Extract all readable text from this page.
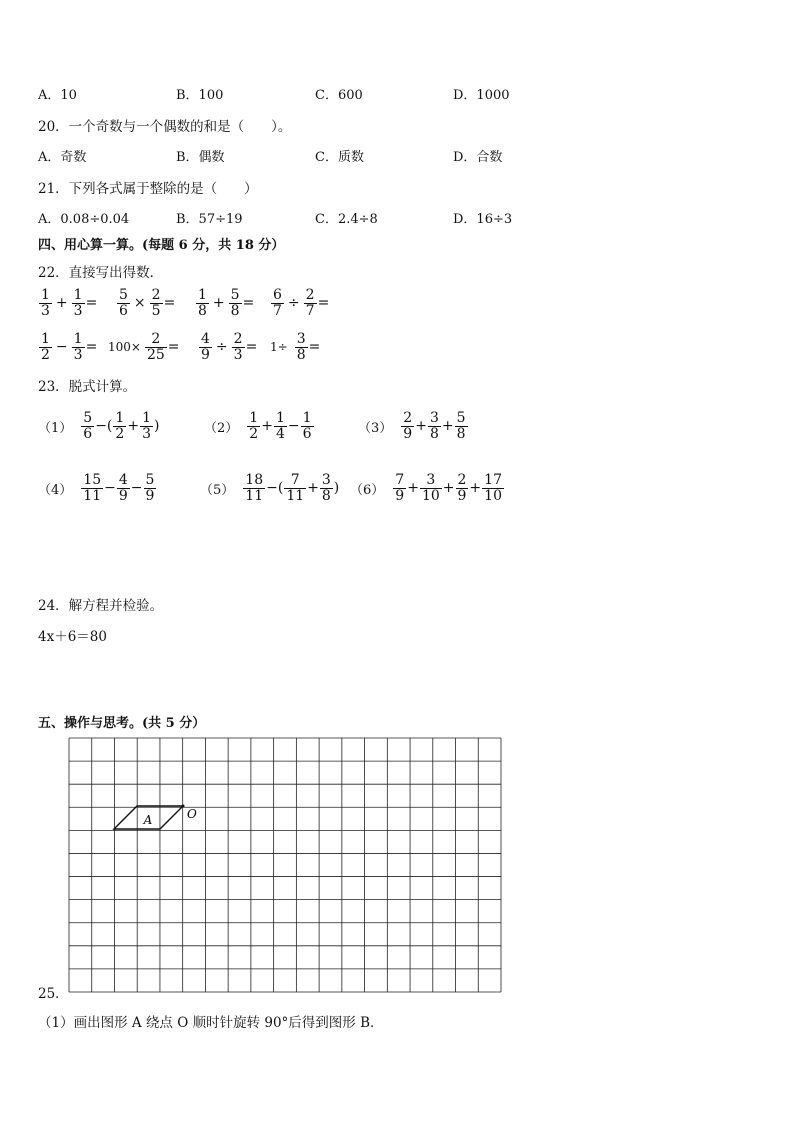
A．10	B．100	C．600	D．1000
20．一个奇数与一个偶数的和是（　　）。
A．奇数	B．偶数	C．质数	D．合数
21．下列各式属于整除的是（　　）
A．0.08÷0.04	B．57÷19	C．2.4÷8	D．16÷3
四、用心算一算。(每题 6 分，共 18 分）
22．直接写出得数．
$\frac{1}{3} + \frac{1}{3} = \frac{5}{6} \times \frac{2}{5} = \frac{1}{8} + \frac{5}{8} = \frac{6}{7} \div \frac{2}{7}$ =
$\frac{1}{2} - \frac{1}{3} = 100\times \frac{2}{25} = \frac{4}{9} \div \frac{2}{3} = 1\div \frac{3}{8}$ =
23．脱式计算。
$(1) \frac{5}{6}$ −( $\frac{1}{2} + \frac{1}{3}$ )	$(2) \frac{1}{2} + \frac{1}{4} - \frac{1}{6}$	$(3) \frac{2}{9} + \frac{3}{8} + \frac{5}{8}$
$(4) \frac{15}{11} - \frac{4}{9} - \frac{5}{9}$	$(5) \frac{18}{11}$ −( $\frac{7}{11} + \frac{3}{8}$ ) $(6) \frac{7}{9} + \frac{3}{10} + \frac{2}{9} + \frac{17}{10}$
24．解方程并检验。
4x＋6＝80
五、操作与思考。(共 5 分）
A	O
25．
（1）画出图形 A 绕点 O 顺时针旋转 90°后得到图形 B．
